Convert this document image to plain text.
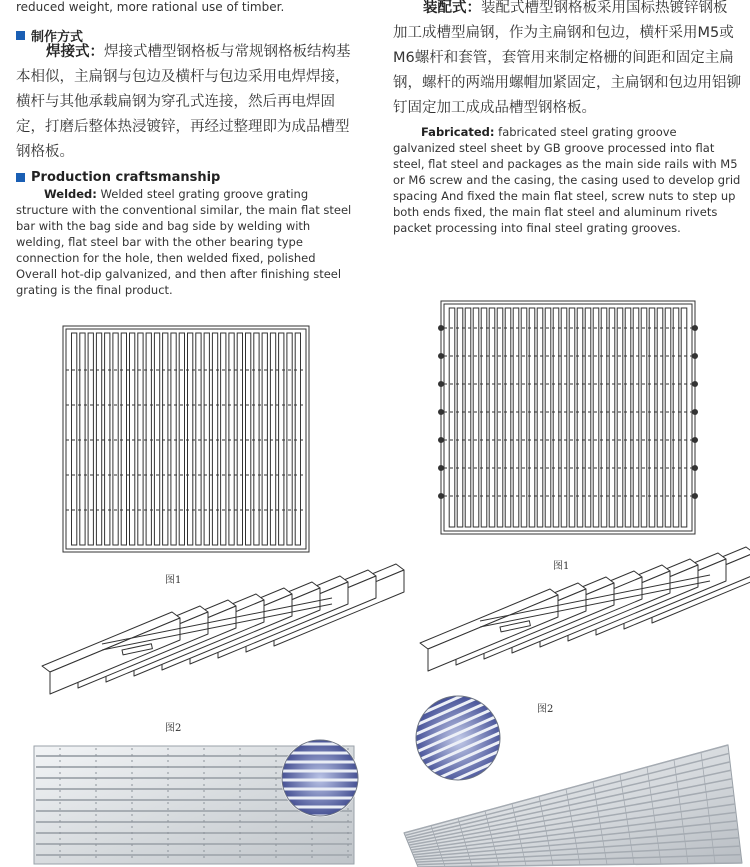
reduced weight, more rational use of timber.
制作方式
焊接式：焊接式槽型钢格板与常规钢格板结构基本相似，主扁钢与包边及横杆与包边采用电焊焊接，横杆与其他承载扁钢为穿孔式连接，然后再电焊固定，打磨后整体热浸镀锌，再经过整理即为成品槽型钢格板。
Production craftsmanship
Welded: Welded steel grating groove grating structure with the conventional similar, the main flat steel bar with the bag side and bag side by welding with welding, flat steel bar with the other bearing type connection for the hole, then welded fixed, polished Overall hot-dip galvanized, and then after finishing steel grating is the final product.
装配式：装配式槽型钢格板采用国标热镀锌钢板加工成槽型扁钢，作为主扁钢和包边，横杆采用M5或M6螺杆和套管，套管用来制定格栅的间距和固定主扁钢，螺杆的两端用螺帽加紧固定，主扁钢和包边用铝铆钉固定加工成成品槽型钢格板。
Fabricated: fabricated steel grating groove galvanized steel sheet by GB groove processed into flat steel, flat steel and packages as the main side rails with M5 or M6 screw and the casing, the casing used to develop grid spacing And fixed the main flat steel, screw nuts to step up both ends fixed, the main flat steel and aluminum rivets packet processing into final steel grating grooves.
图1
图1
图2
图2
